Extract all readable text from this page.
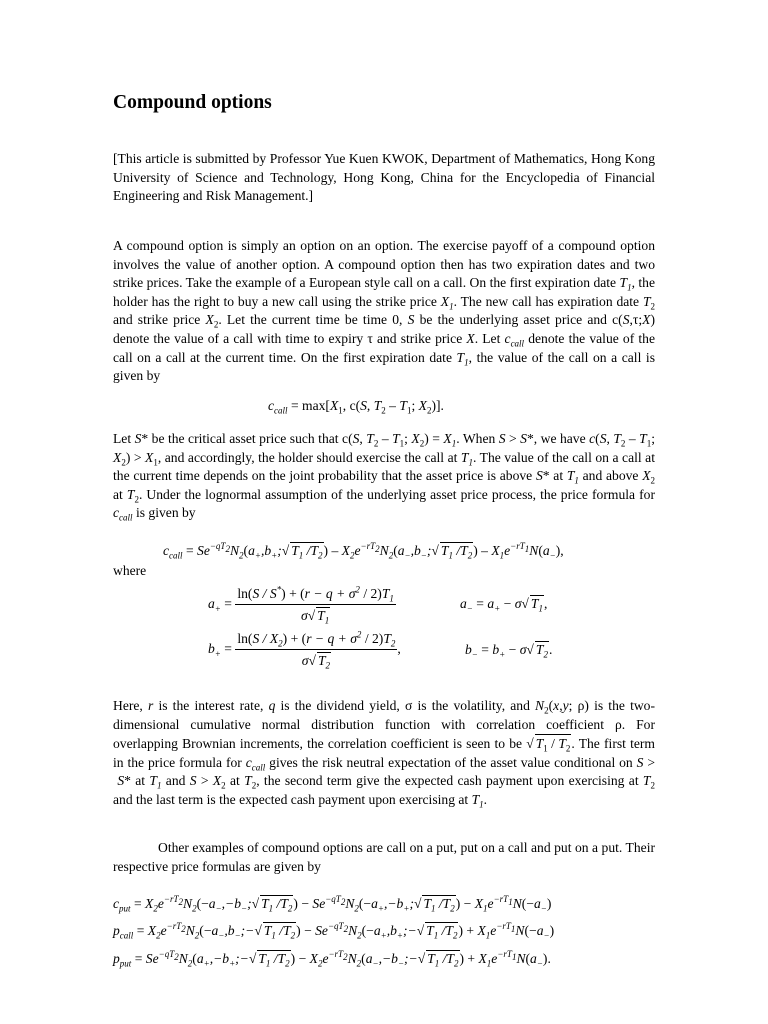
Compound options

[This article is submitted by Professor Yue Kuen KWOK, Department of Mathematics, Hong Kong University of Science and Technology, Hong Kong, China for the Encyclopedia of Financial Engineering and Risk Management.]

A compound option is simply an option on an option. The exercise payoff of a compound option involves the value of another option. A compound option then has two expiration dates and two strike prices. Take the example of a European style call on a call. On the first expiration date $T_1$, the holder has the right to buy a new call using the strike price $X_1$. The new call has expiration date $T_2$ and strike price $X_2$. Let the current time be time 0, S be the underlying asset price and c(S,τ;X) denote the value of a call with time to expiry τ and strike price X. Let $c_{call}$ denote the value of the call on a call at the current time. On the first expiration date $T_1$, the value of the call on a call is given by

$c_{call} = \max[X_1$, c(S, $T_2 - T_1$; $X_2$)].

Let S* be the critical asset price such that c(S, $T_2 - T_1$; $X_2) = X_1$. When S > S*, we have c(S, $T_2 - T_1$; $X_2) > X_1$, and accordingly, the holder should exercise the call at $T_1$. The value of the call on a call at the current time depends on the joint probability that the asset price is above S* at $T_1$ and above $X_2$ at $T_2$. Under the lognormal assumption of the underlying asset price process, the price formula for $c_{call}$ is given by

$c_{call}$ = $Se^{-qT_2}N_2(a_+,b_+;√$ $T_1$ $/T_2$) – $X_2e^{-rT_2}N_2(a_-,b_-;√$ $T_1$ $/T_2) - X_1e^{-rT_1}N(a_-)$,
where
$a_+ = \frac{\ln(S / S^*) + (r - q + \sigma^2 / 2)T_1}{\sigma√ T_1}$	$a_- = a_+ - \sigma√$ $T_1$,
$b_+ = \frac{\ln(S / X_2) + (r - q + \sigma^2 / 2)T_2}{\sigma√ T_2}$ ,	$b_- = b_+ - \sigma√$ $T_2$.

Here, r is the interest rate, q is the dividend yield, σ is the volatility, and $N_2(x,y$; ρ) is the two-dimensional cumulative normal distribution function with correlation coefficient ρ. For overlapping Brownian increments, the correlation coefficient is seen to be √ $T_1 / T_2$. The first term in the price formula for $c_{call}$ gives the risk neutral expectation of the asset value conditional on S >  S* at $T_1$ and $S > X_2$ at $T_2$, the second term give the expected cash payment upon exercising at $T_2$ and the last term is the expected cash payment upon exercising at $T_1$.

Other examples of compound options are call on a put, put on a call and put on a put. Their respective price formulas are given by

$c_{put}$ = $X_2e^{-rT_2}N_2(-a_-,-b_-;√$ $T_1$ $/T_2$) − $Se^{-qT_2}N_2(-a_+,-b_+;√$ $T_1$ $/T_2) - X_1e^{-rT_1}N(-a_-)$
$p_{call}$ = $X_2e^{-rT_2}N_2(-a_-,b_-;-√$ $T_1$ $/T_2$) − $Se^{-qT_2}N_2(-a_+,b_+;-√$ $T_1$ $/T_2) + X_1e^{-rT_1}N(-a_-)$
$p_{put}$ = $Se^{-qT_2}N_2(a_+,-b_+;-√$ $T_1$ $/T_2$) − $X_2e^{-rT_2}N_2(a_-,-b_-;-√$ $T_1$ $/T_2) + X_1e^{-rT_1}N(a_-)$.
